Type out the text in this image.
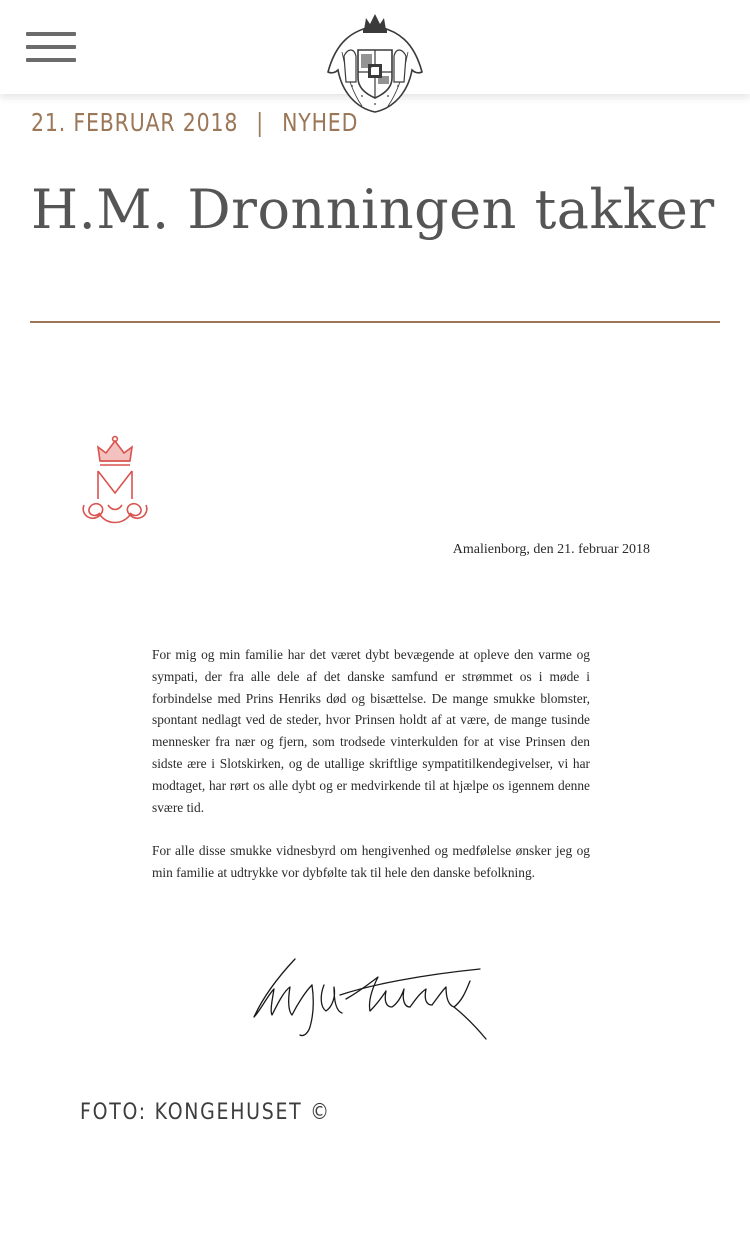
21. FEBRUAR 2018 | NYHED
H.M. Dronningen takker
Amalienborg, den 21. februar 2018

For mig og min familie har det været dybt bevægende at opleve den varme og sympati, der fra alle dele af det danske samfund er strømmet os i møde i forbindelse med Prins Henriks død og bisættelse. De mange smukke blomster, spontant nedlagt ved de steder, hvor Prinsen holdt af at være, de mange tusinde mennesker fra nær og fjern, som trodsede vinterkulden for at vise Prinsen den sidste ære i Slotskirken, og de utallige skriftlige sympatitilkendegivelser, vi har modtaget, har rørt os alle dybt og er medvirkende til at hjælpe os igennem denne svære tid.

For alle disse smukke vidnesbyrd om hengivenhed og medfølelse ønsker jeg og min familie at udtrykke vor dybfølte tak til hele den danske befolkning.

FOTO: KONGEHUSET ©
